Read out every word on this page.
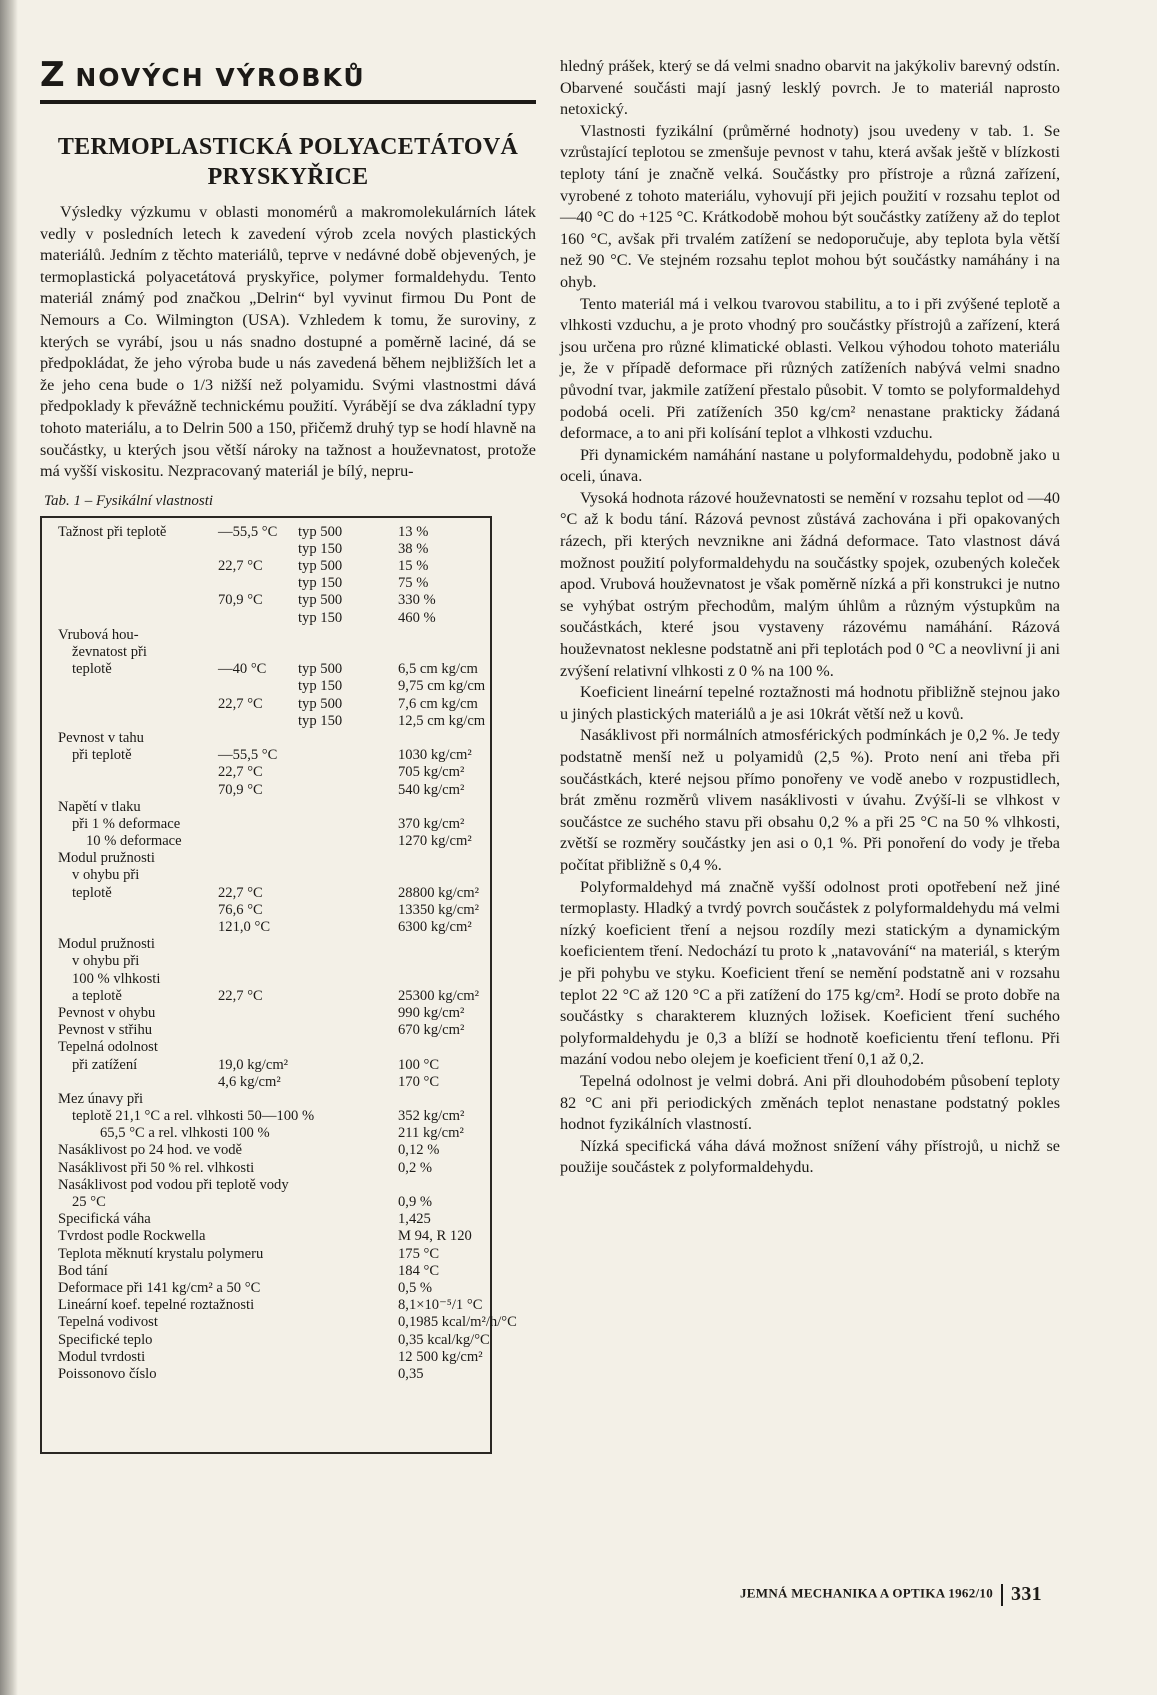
Z NOVÝCH VÝROBKŮ
TERMOPLASTICKÁ POLYACETÁTOVÁ PRYSKYŘICE

Výsledky výzkumu v oblasti monomérů a makromolekulárních látek vedly v posledních letech k zavedení výrob zcela nových plastických materiálů. Jedním z těchto materiálů, teprve v nedávné době objevených, je termoplastická polyacetátová pryskyřice, polymer formaldehydu. Tento materiál známý pod značkou „Delrin“ byl vyvinut firmou Du Pont de Nemours a Co. Wilmington (USA). Vzhledem k tomu, že suroviny, z kterých se vyrábí, jsou u nás snadno dostupné a poměrně laciné, dá se předpokládat, že jeho výroba bude u nás zavedená během nejbližších let a že jeho cena bude o 1/3 nižší než polyamidu. Svými vlastnostmi dává předpoklady k převážně technickému použití. Vyrábějí se dva základní typy tohoto materiálu, a to Delrin 500 a 150, přičemž druhý typ se hodí hlavně na součástky, u kterých jsou větší nároky na tažnost a houževnatost, protože má vyšší viskositu. Nezpracovaný materiál je bílý, nepru-

Tab. 1 – Fysikální vlastnosti
Tažnost při teplotě	—55,5 °C typ 500	13 %
typ 150	38 %
22,7 °C typ 500	15 %
typ 150	75 %
70,9 °C typ 500	330 %
typ 150	460 %
Vrubová hou-
ževnatost při
teplotě	—40 °C typ 500	6,5 cm kg/cm
typ 150	9,75 cm kg/cm
22,7 °C typ 500	7,6 cm kg/cm
typ 150	12,5 cm kg/cm
Pevnost v tahu
při teplotě	—55,5 °C	1030 kg/cm²
22,7 °C	705 kg/cm²
70,9 °C	540 kg/cm²
Napětí v tlaku
při 1 % deformace	370 kg/cm²
10 % deformace	1270 kg/cm²
Modul pružnosti
v ohybu při
teplotě	22,7 °C	28800 kg/cm²
76,6 °C	13350 kg/cm²
121,0 °C	6300 kg/cm²
Modul pružnosti
v ohybu při
100 % vlhkosti
a teplotě	22,7 °C	25300 kg/cm²
Pevnost v ohybu	990 kg/cm²
Pevnost v střihu	670 kg/cm²
Tepelná odolnost
při zatížení	19,0 kg/cm²	100 °C
4,6 kg/cm²	170 °C
Mez únavy při
teplotě 21,1 °C a rel. vlhkosti 50—100 %	352 kg/cm²
65,5 °C a rel. vlhkosti 100 %	211 kg/cm²
Nasáklivost po 24 hod. ve vodě	0,12 %
Nasáklivost při 50 % rel. vlhkosti	0,2 %
Nasáklivost pod vodou při teplotě vody
25 °C	0,9 %
Specifická váha	1,425
Tvrdost podle Rockwella	M 94, R 120
Teplota měknutí krystalu polymeru	175 °C
Bod tání	184 °C
Deformace při 141 kg/cm² a 50 °C	0,5 %
Lineární koef. tepelné roztažnosti	8,1×10⁻⁵/1 °C
Tepelná vodivost	0,1985 kcal/m²/h/°C
Specifické teplo	0,35 kcal/kg/°C
Modul tvrdosti	12 500 kg/cm²
Poissonovo číslo	0,35

hledný prášek, který se dá velmi snadno obarvit na jakýkoliv barevný odstín. Obarvené součásti mají jasný lesklý povrch. Je to materiál naprosto netoxický.

Vlastnosti fyzikální (průměrné hodnoty) jsou uvedeny v tab. 1. Se vzrůstající teplotou se zmenšuje pevnost v tahu, která avšak ještě v blízkosti teploty tání je značně velká. Součástky pro přístroje a různá zařízení, vyrobené z tohoto materiálu, vyhovují při jejich použití v rozsahu teplot od —40 °C do +125 °C. Krátkodobě mohou být součástky zatíženy až do teplot 160 °C, avšak při trvalém zatížení se nedoporučuje, aby teplota byla větší než 90 °C. Ve stejném rozsahu teplot mohou být součástky namáhány i na ohyb.

Tento materiál má i velkou tvarovou stabilitu, a to i při zvýšené teplotě a vlhkosti vzduchu, a je proto vhodný pro součástky přístrojů a zařízení, která jsou určena pro různé klimatické oblasti. Velkou výhodou tohoto materiálu je, že v případě deformace při různých zatíženích nabývá velmi snadno původní tvar, jakmile zatížení přestalo působit. V tomto se polyformaldehyd podobá oceli. Při zatíženích 350 kg/cm² nenastane prakticky žádaná deformace, a to ani při kolísání teplot a vlhkosti vzduchu.

Při dynamickém namáhání nastane u polyformaldehydu, podobně jako u oceli, únava.

Vysoká hodnota rázové houževnatosti se nemění v rozsahu teplot od —40 °C až k bodu tání. Rázová pevnost zůstává zachována i při opakovaných rázech, při kterých nevznikne ani žádná deformace. Tato vlastnost dává možnost použití polyformaldehydu na součástky spojek, ozubených koleček apod. Vrubová houževnatost je však poměrně nízká a při konstrukci je nutno se vyhýbat ostrým přechodům, malým úhlům a různým výstupkům na součástkách, které jsou vystaveny rázovému namáhání. Rázová houževnatost neklesne podstatně ani při teplotách pod 0 °C a neovlivní ji ani zvýšení relativní vlhkosti z 0 % na 100 %.

Koeficient lineární tepelné roztažnosti má hodnotu přibližně stejnou jako u jiných plastických materiálů a je asi 10krát větší než u kovů.

Nasáklivost při normálních atmosférických podmínkách je 0,2 %. Je tedy podstatně menší než u polyamidů (2,5 %). Proto není ani třeba při součástkách, které nejsou přímo ponořeny ve vodě anebo v rozpustidlech, brát změnu rozměrů vlivem nasáklivosti v úvahu. Zvýší-li se vlhkost v součástce ze suchého stavu při obsahu 0,2 % a při 25 °C na 50 % vlhkosti, zvětší se rozměry součástky jen asi o 0,1 %. Při ponoření do vody je třeba počítat přibližně s 0,4 %.

Polyformaldehyd má značně vyšší odolnost proti opotřebení než jiné termoplasty. Hladký a tvrdý povrch součástek z polyformaldehydu má velmi nízký koeficient tření a nejsou rozdíly mezi statickým a dynamickým koeficientem tření. Nedochází tu proto k „natavování“ na materiál, s kterým je při pohybu ve styku. Koeficient tření se nemění podstatně ani v rozsahu teplot 22 °C až 120 °C a při zatížení do 175 kg/cm². Hodí se proto dobře na součástky s charakterem kluzných ložisek. Koeficient tření suchého polyformaldehydu je 0,3 a blíží se hodnotě koeficientu tření teflonu. Při mazání vodou nebo olejem je koeficient tření 0,1 až 0,2.

Tepelná odolnost je velmi dobrá. Ani při dlouhodobém působení teploty 82 °C ani při periodických změnách teplot nenastane podstatný pokles hodnot fyzikálních vlastností.

Nízká specifická váha dává možnost snížení váhy přístrojů, u nichž se použije součástek z polyformaldehydu.

JEMNÁ MECHANIKA A OPTIKA 1962/10 331
